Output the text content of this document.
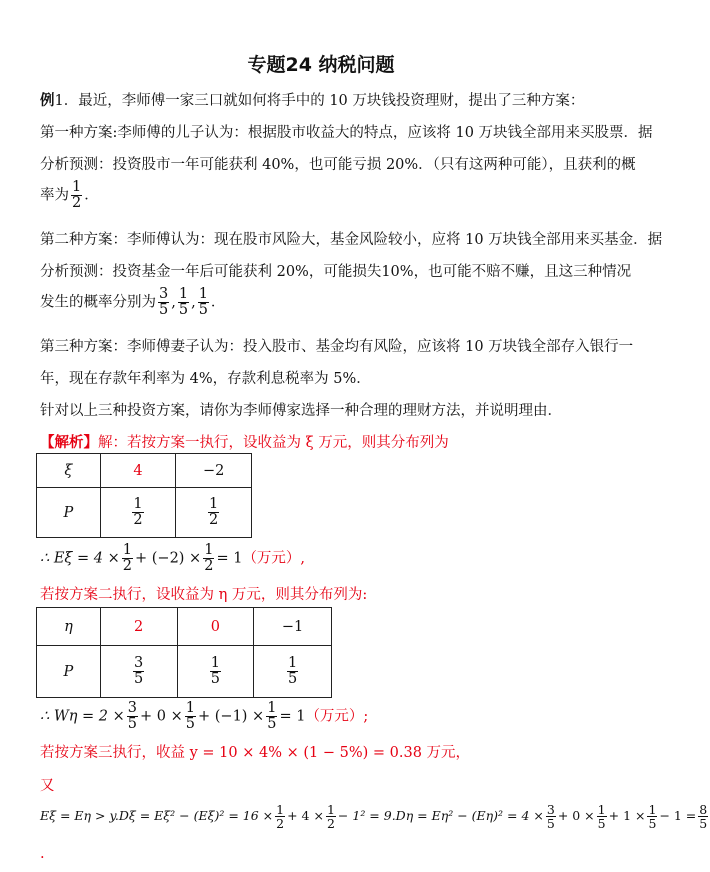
专题24 纳税问题
例1．最近，李师傅一家三口就如何将手中的 10 万块钱投资理财，提出了三种方案：
第一种方案:李师傅的儿子认为：根据股市收益大的特点，应该将 10 万块钱全部用来买股票．据
分析预测：投资股市一年可能获利 40%，也可能亏损 20%．（只有这两种可能），且获利的概
率为 $\frac{1}{2}$ ．
第二种方案：李师傅认为：现在股市风险大，基金风险较小，应将 10 万块钱全部用来买基金．据
分析预测：投资基金一年后可能获利 20%，可能损失10%，也可能不赔不赚，且这三种情况
发生的概率分别为 $\frac{3}{5}$ , $\frac{1}{5}$ , $\frac{1}{5}$ ．
第三种方案：李师傅妻子认为：投入股市、基金均有风险，应该将 10 万块钱全部存入银行一
年，现在存款年利率为 4%，存款利息税率为 5%．
针对以上三种投资方案，请你为李师傅家选择一种合理的理财方法，并说明理由．
【解析】解：若按方案一执行，设收益为 ξ 万元，则其分布列为
ξ	4	−2
P	$\frac{1}{2}$	$\frac{1}{2}$
∴ $E\xi = 4 \times \frac{1}{2} + (-2) \times \frac{1}{2} = 1$（万元）,
若按方案二执行，设收益为 η 万元，则其分布列为:
η	2	0	−1
P	$\frac{3}{5}$	$\frac{1}{5}$	$\frac{1}{5}$
∴ $W\eta = 2 \times \frac{3}{5} + 0 \times \frac{1}{5} + (-1) \times \frac{1}{5} = 1$（万元）;
若按方案三执行，收益 y = 10 × 4% × (1 − 5%) = 0.38 万元，
又
$E\xi = E\eta > y.D\xi = E\xi^2 - (E\xi)^2 = 16 \times \frac{1}{2} + 4 \times \frac{1}{2} - 1^2 = 9.D\eta = E\eta^2 - (E\eta)^2 = 4 \times \frac{3}{5} + 0 \times \frac{1}{5} + 1 \times \frac{1}{5} - 1 = \frac{8}{5}$
.
